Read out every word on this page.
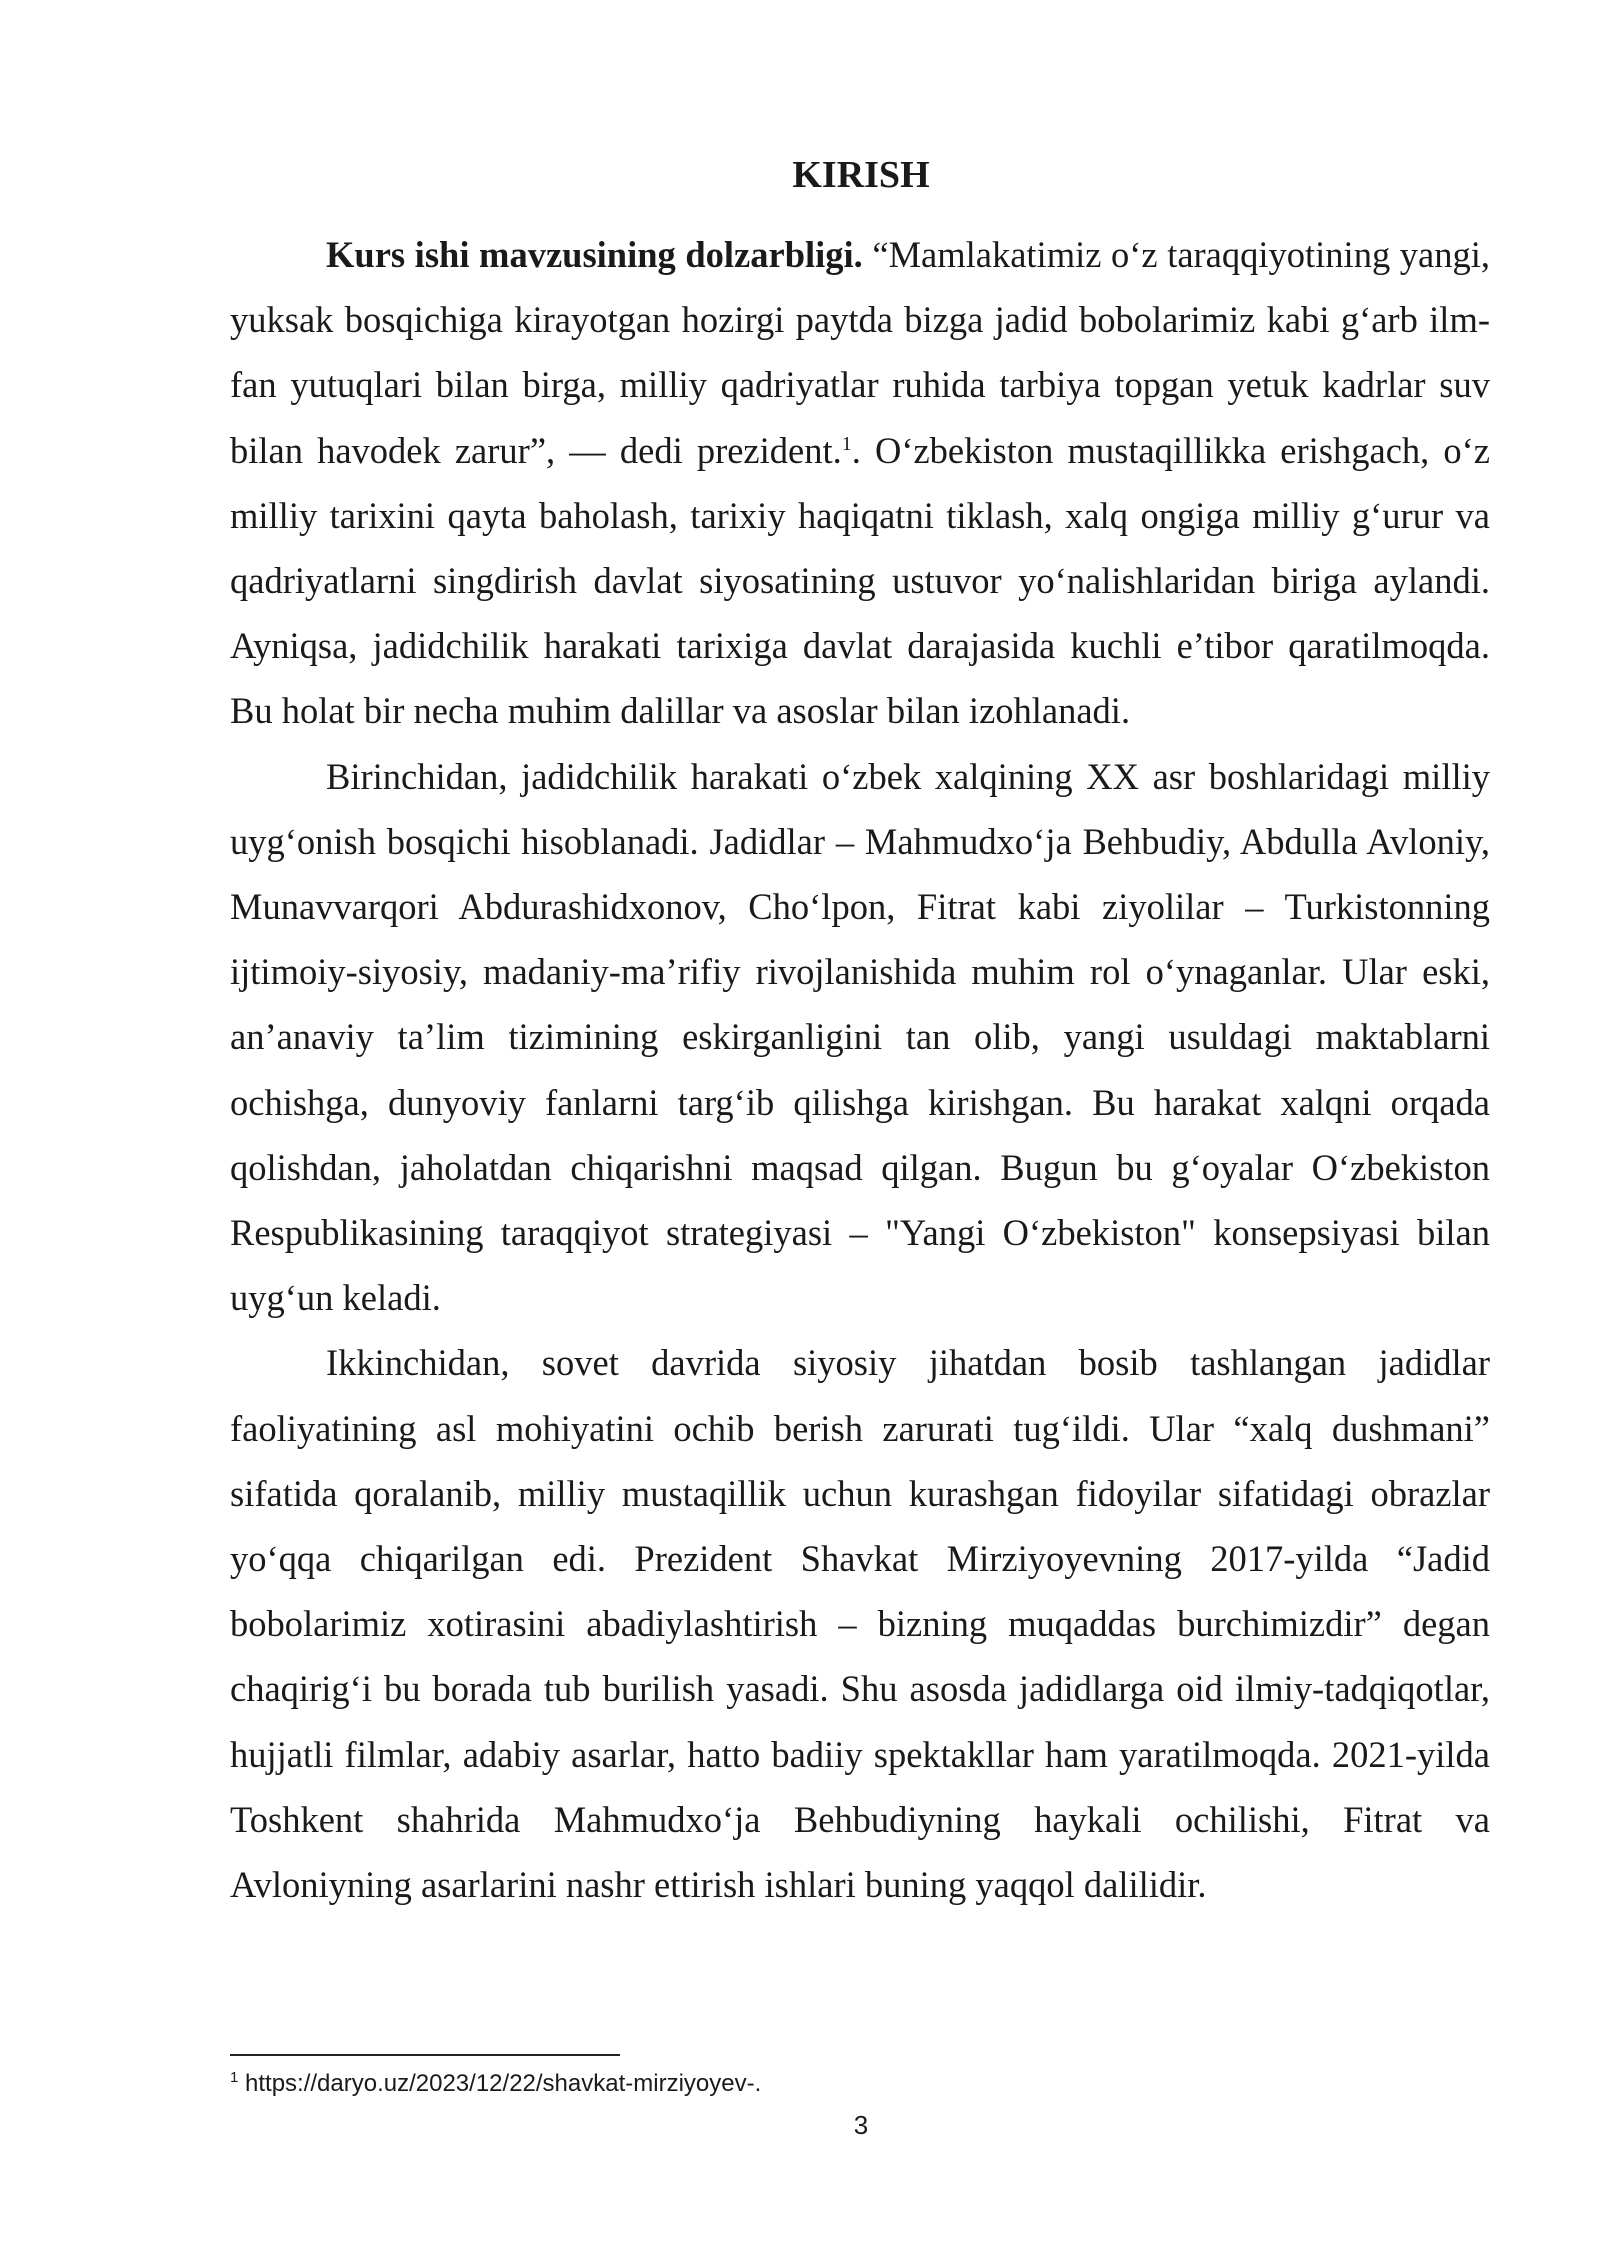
KIRISH

Kurs ishi mavzusining dolzarbligi. “Mamlakatimiz o‘z taraqqiyotining yangi, yuksak bosqichiga kirayotgan hozirgi paytda bizga jadid bobolarimiz kabi g‘arb ilm-fan yutuqlari bilan birga, milliy qadriyatlar ruhida tarbiya topgan yetuk kadrlar suv bilan havodek zarur”, — dedi prezident.$^1$. O‘zbekiston mustaqillikka erishgach, o‘z milliy tarixini qayta baholash, tarixiy haqiqatni tiklash, xalq ongiga milliy g‘urur va qadriyatlarni singdirish davlat siyosatining ustuvor yo‘nalishlaridan biriga aylandi. Ayniqsa, jadidchilik harakati tarixiga davlat darajasida kuchli e’tibor qaratilmoqda. Bu holat bir necha muhim dalillar va asoslar bilan izohlanadi.

Birinchidan, jadidchilik harakati o‘zbek xalqining XX asr boshlaridagi milliy uyg‘onish bosqichi hisoblanadi. Jadidlar – Mahmudxo‘ja Behbudiy, Abdulla Avloniy, Munavvarqori Abdurashidxonov, Cho‘lpon, Fitrat kabi ziyolilar – Turkistonning ijtimoiy-siyosiy, madaniy-ma’rifiy rivojlanishida muhim rol o‘ynaganlar. Ular eski, an’anaviy ta’lim tizimining eskirganligini tan olib, yangi usuldagi maktablarni ochishga, dunyoviy fanlarni targ‘ib qilishga kirishgan. Bu harakat xalqni orqada qolishdan, jaholatdan chiqarishni maqsad qilgan. Bugun bu g‘oyalar O‘zbekiston Respublikasining taraqqiyot strategiyasi – "Yangi O‘zbekiston" konsepsiyasi bilan uyg‘un keladi.

Ikkinchidan, sovet davrida siyosiy jihatdan bosib tashlangan jadidlar faoliyatining asl mohiyatini ochib berish zarurati tug‘ildi. Ular “xalq dushmani” sifatida qoralanib, milliy mustaqillik uchun kurashgan fidoyilar sifatidagi obrazlar yo‘qqa chiqarilgan edi. Prezident Shavkat Mirziyoyevning 2017-yilda “Jadid bobolarimiz xotirasini abadiylashtirish – bizning muqaddas burchimizdir” degan chaqirig‘i bu borada tub burilish yasadi. Shu asosda jadidlarga oid ilmiy-tadqiqotlar, hujjatli filmlar, adabiy asarlar, hatto badiiy spektakllar ham yaratilmoqda. 2021-yilda Toshkent shahrida Mahmudxo‘ja Behbudiyning haykali ochilishi, Fitrat va Avloniyning asarlarini nashr ettirish ishlari buning yaqqol dalilidir.

$^1$ https://daryo.uz/2023/12/22/shavkat-mirziyoyev-.
3
